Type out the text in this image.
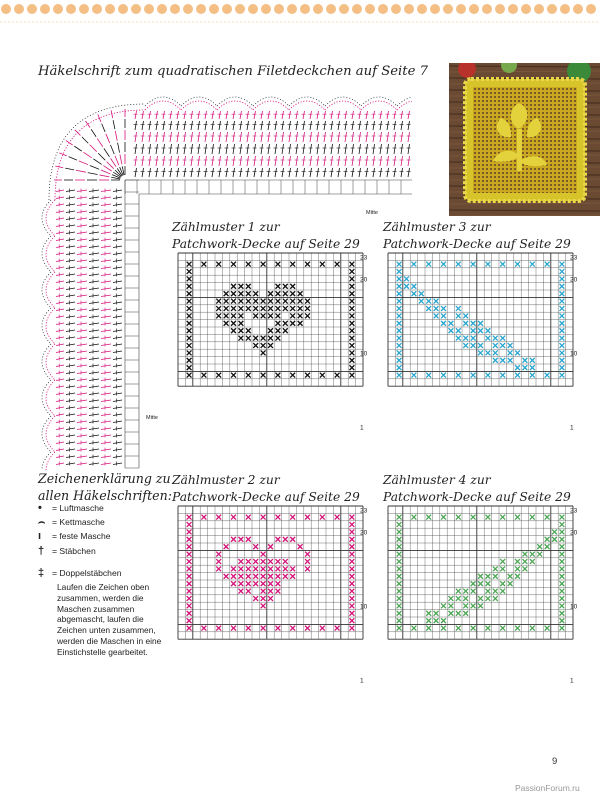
Häkelschrift zum quadratischen Filetdeckchen auf Seite 7
Mitte
Mitte
Zählmuster 1 zur
Patchwork-Decke auf Seite 29
23
20
10
1
Zählmuster 3 zur
Patchwork-Decke auf Seite 29
23
20
10
1
Zählmuster 2 zur
Patchwork-Decke auf Seite 29
23
20
10
1
Zählmuster 4 zur
Patchwork-Decke auf Seite 29
23
20
10
1
Zeichenerklärung zu
allen Häkelschriften:
•	= Luftmasche
⌢ = Kettmasche
ı	= feste Masche
† = Stäbchen
‡ = Doppelstäbchen
Laufen die Zeichen oben zusammen, werden die Maschen zusammen abgemascht, laufen die Zeichen unten zusammen, werden die Maschen in eine Einstichstelle gearbeitet.
9
PassionForum.ru
